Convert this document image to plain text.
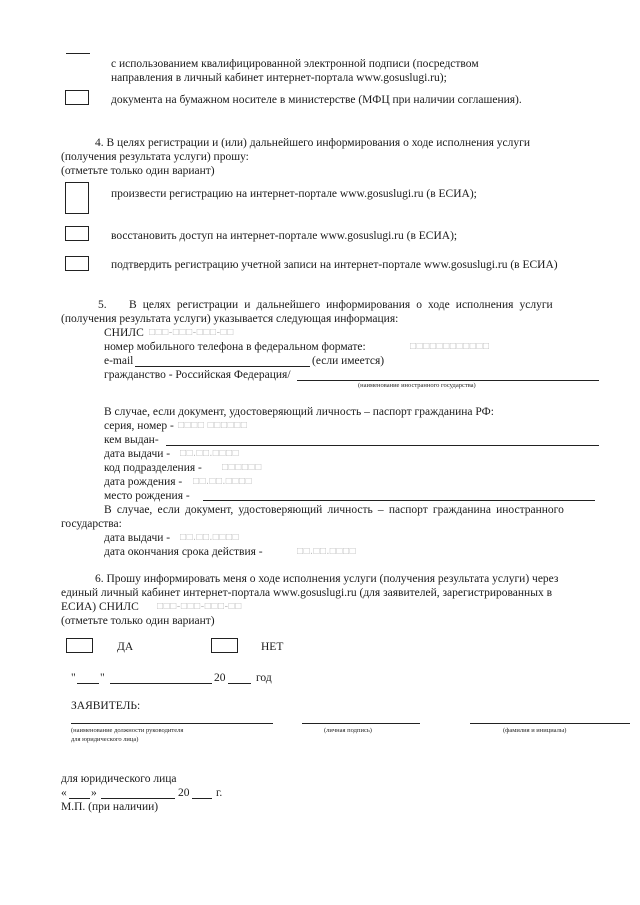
с использованием квалифицированной электронной подписи (посредством
направления в личный кабинет интернет-портала www.gosuslugi.ru);
документа на бумажном носителе в министерстве (МФЦ при наличии соглашения).
4. В целях регистрации и (или) дальнейшего информирования о ходе исполнения услуги
(получения результата услуги) прошу:
(отметьте только один вариант)
произвести регистрацию на интернет-портале www.gosuslugi.ru (в ЕСИА);
восстановить доступ на интернет-портале www.gosuslugi.ru (в ЕСИА);
подтвердить регистрацию учетной записи на интернет-портале www.gosuslugi.ru (в ЕСИА)
5. В целях регистрации и дальнейшего информирования о ходе исполнения услуги
(получения результата услуги) указывается следующая информация:
СНИЛС □□□-□□□-□□□-□□
номер мобильного телефона в федеральном формате:	□□□□□□□□□□□□
e-mail	(если имеется)
гражданство - Российская Федерация/
(наименование иностранного государства)
В случае, если документ, удостоверяющий личность – паспорт гражданина РФ:
серия, номер - □□□□ □□□□□□
кем выдан-
дата выдачи - □□.□□.□□□□
код подразделения - □□□□□□
дата рождения - □□.□□.□□□□
место рождения -
В случае, если документ, удостоверяющий личность – паспорт гражданина иностранного
государства:
дата выдачи - □□.□□.□□□□
дата окончания срока действия -	□□.□□.□□□□
6. Прошу информировать меня о ходе исполнения услуги (получения результата услуги) через
единый личный кабинет интернет-портала www.gosuslugi.ru (для заявителей, зарегистрированных в
ЕСИА) СНИЛС □□□-□□□-□□□-□□
(отметьте только один вариант)
ДА	НЕТ
" "	20	год
ЗАЯВИТЕЛЬ:
(наименование должности руководителя
для юридического лица)
(личная подпись)	(фамилия и инициалы)
для юридического лица
« »	20 г.
М.П. (при наличии)
